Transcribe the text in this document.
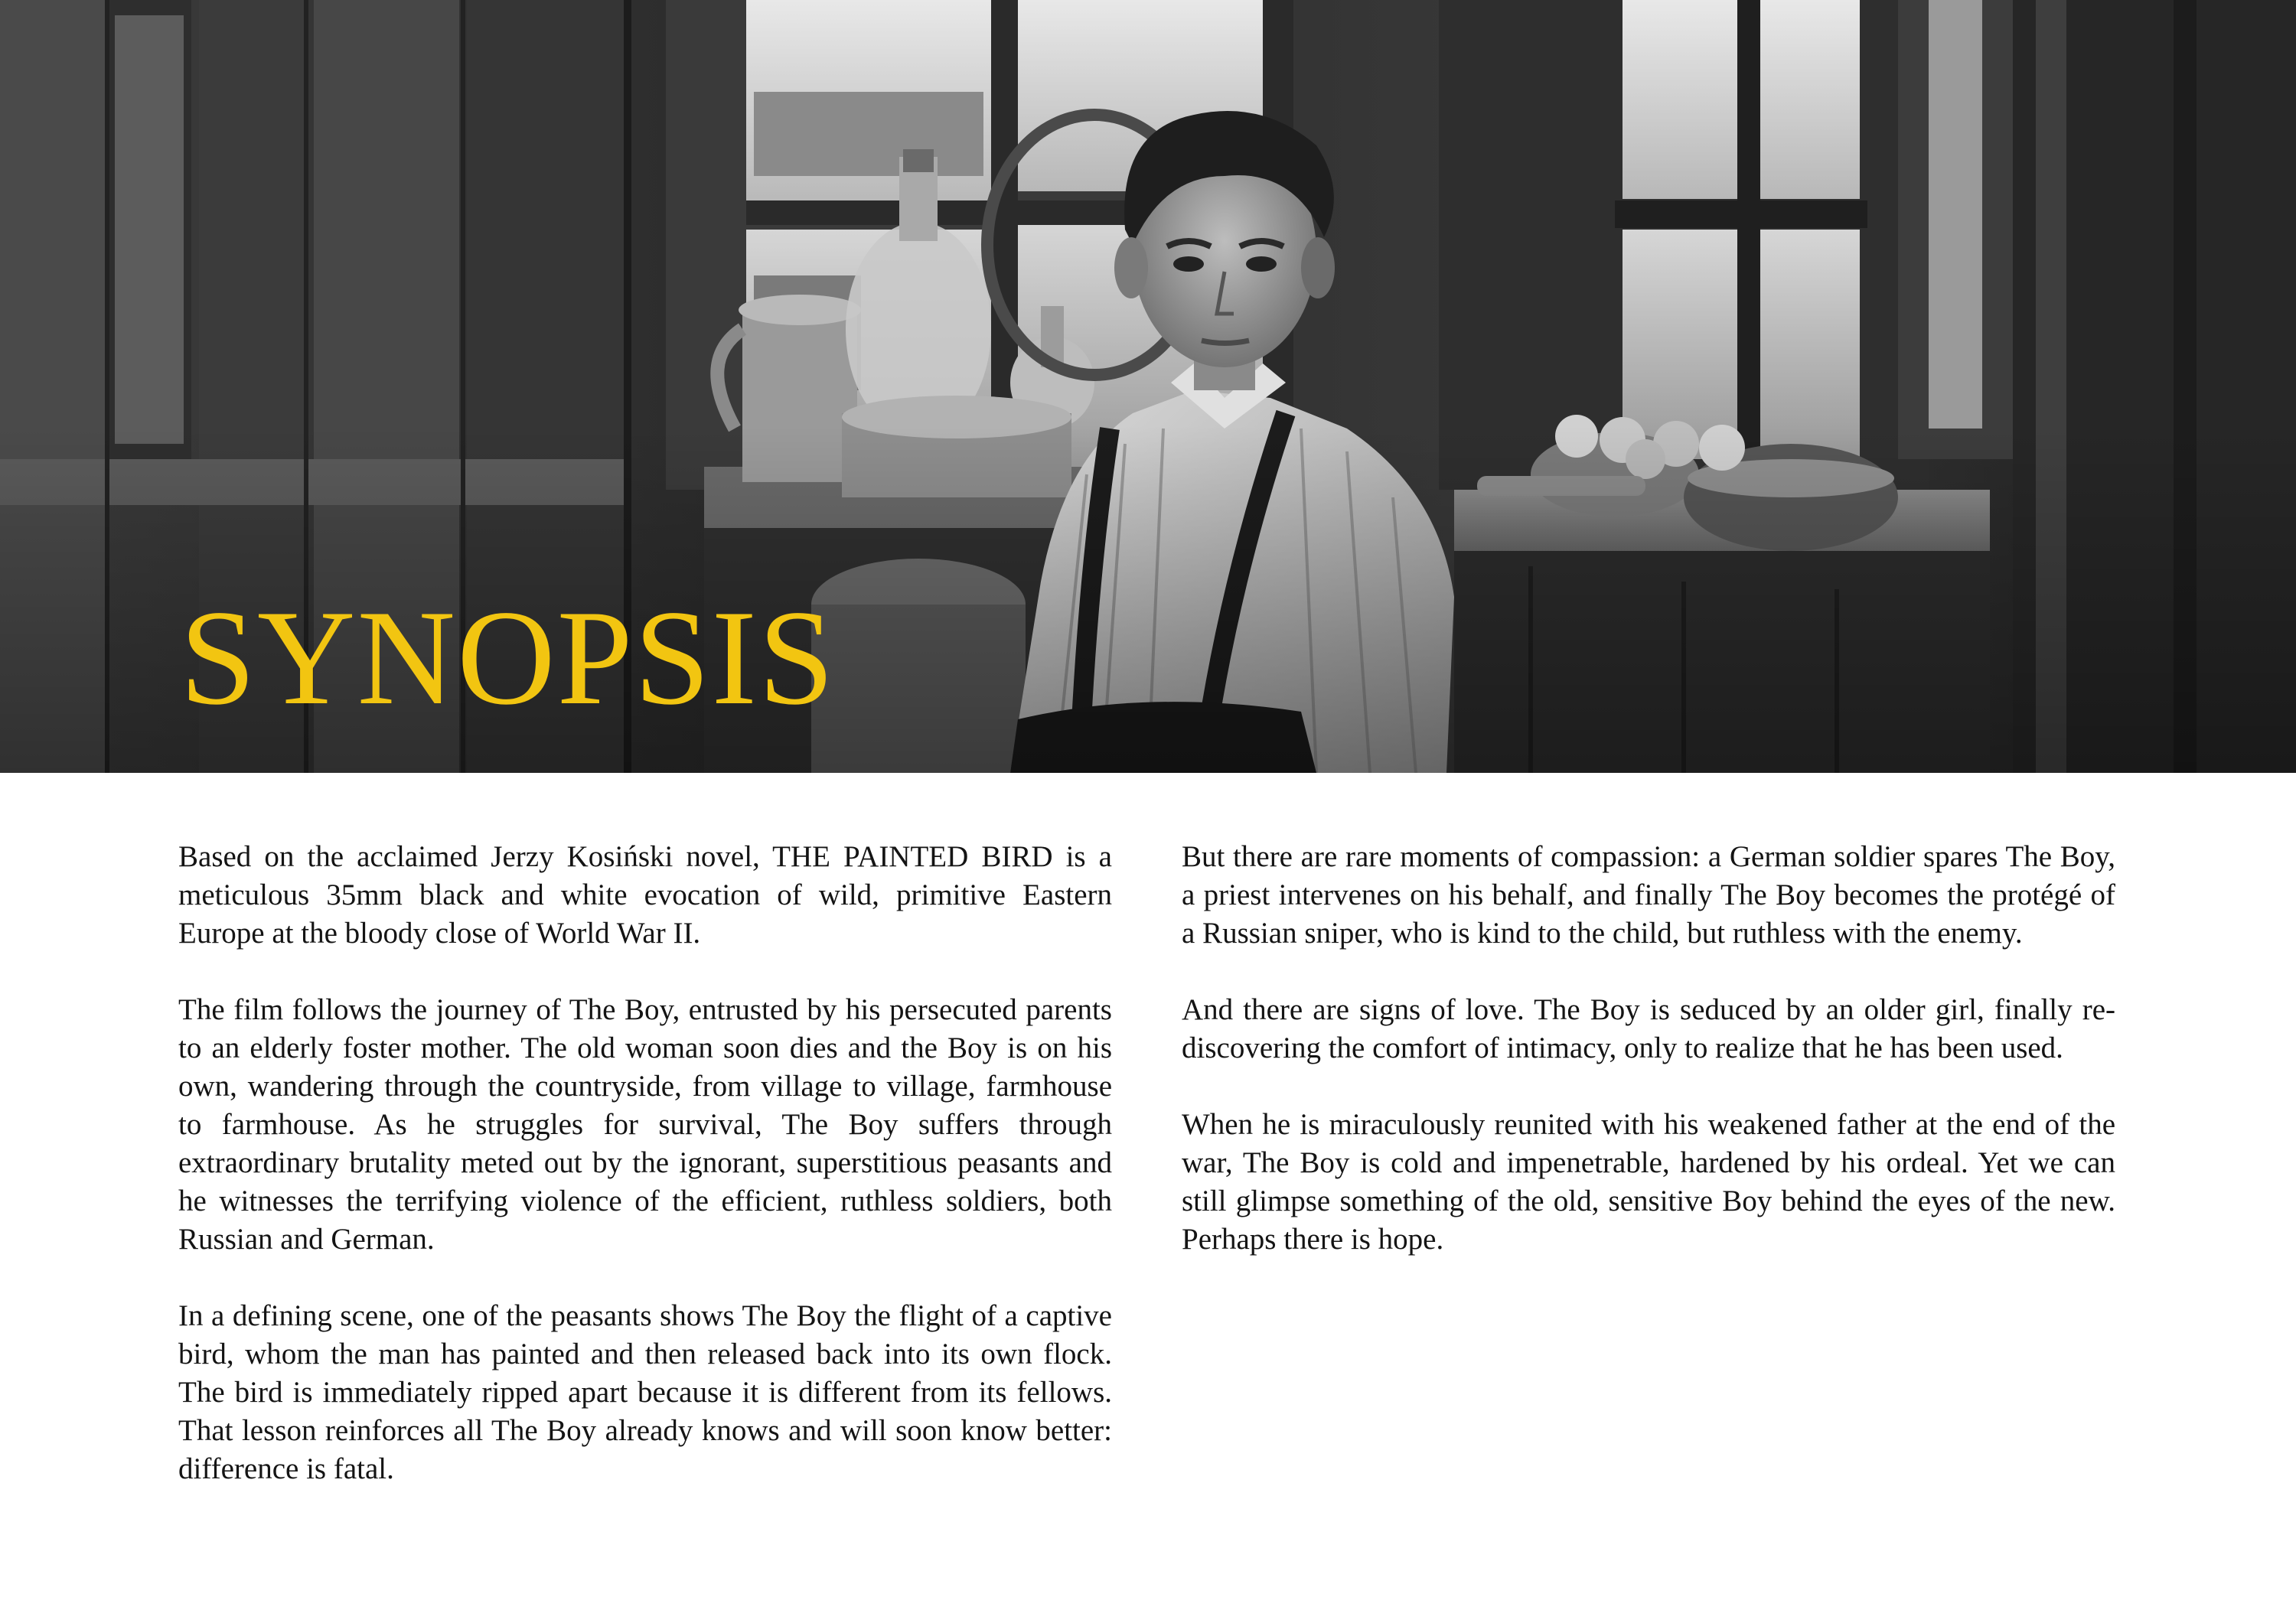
SYNOPSIS

Based on the acclaimed Jerzy Kosiński novel, THE PAINTED BIRD is a meticulous 35mm black and white evocation of wild, primitive Eastern Europe at the bloody close of World War II.

The film follows the journey of The Boy, entrusted by his persecuted parents to an elderly foster mother. The old woman soon dies and the Boy is on his own, wandering through the countryside, from village to village, farmhouse to farmhouse. As he struggles for survival, The Boy suffers through extraordinary brutality meted out by the ignorant, superstitious peasants and he witnesses the terrifying violence of the efficient, ruthless soldiers, both Russian and German.

In a defining scene, one of the peasants shows The Boy the flight of a captive bird, whom the man has painted and then released back into its own flock. The bird is immediately ripped apart because it is different from its fellows. That lesson reinforces all The Boy already knows and will soon know better: difference is fatal.

But there are rare moments of compassion: a German soldier spares The Boy, a priest intervenes on his behalf, and finally The Boy becomes the protégé of a Russian sniper, who is kind to the child, but ruthless with the enemy.

And there are signs of love. The Boy is seduced by an older girl, finally re-discovering the comfort of intimacy, only to realize that he has been used.

When he is miraculously reunited with his weakened father at the end of the war, The Boy is cold and impenetrable, hardened by his ordeal. Yet we can still glimpse something of the old, sensitive Boy behind the eyes of the new. Perhaps there is hope.
